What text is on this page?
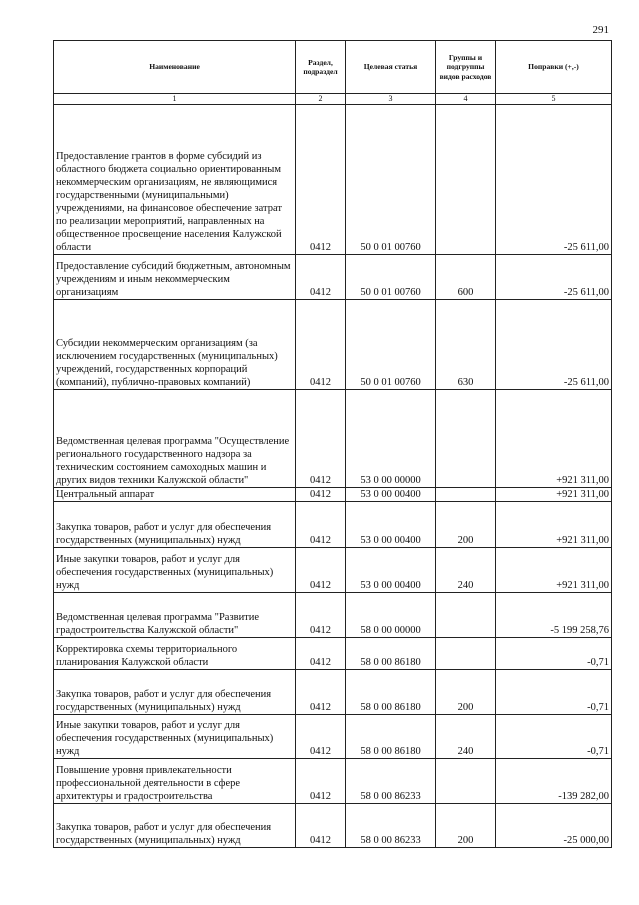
291
Наименование	Раздел, подраздел	Целевая статья	Группы и подгруппы видов расходов	Поправки (+,-)
1	2	3	4	5
Предоставление грантов в форме субсидий из областного бюджета социально ориентированным некоммерческим организациям, не являющимися государственными (муниципальными) учреждениями, на финансовое обеспечение затрат по реализации мероприятий, направленных на общественное просвещение населения Калужской области	0412	50 0 01 00760		-25 611,00
Предоставление субсидий бюджетным, автономным учреждениям и иным некоммерческим организациям	0412	50 0 01 00760	600	-25 611,00
Субсидии некоммерческим организациям (за исключением государственных (муниципальных) учреждений, государственных корпораций (компаний), публично-правовых компаний)	0412	50 0 01 00760	630	-25 611,00
Ведомственная целевая программа "Осуществление регионального государственного надзора за техническим состоянием самоходных машин и других видов техники Калужской области"	0412	53 0 00 00000		+921 311,00
Центральный аппарат	0412	53 0 00 00400		+921 311,00
Закупка товаров, работ и услуг для обеспечения государственных (муниципальных) нужд	0412	53 0 00 00400	200	+921 311,00
Иные закупки товаров, работ и услуг для обеспечения государственных (муниципальных) нужд	0412	53 0 00 00400	240	+921 311,00
Ведомственная целевая программа "Развитие градостроительства Калужской области"	0412	58 0 00 00000		-5 199 258,76
Корректировка схемы территориального планирования Калужской области	0412	58 0 00 86180		-0,71
Закупка товаров, работ и услуг для обеспечения государственных (муниципальных) нужд	0412	58 0 00 86180	200	-0,71
Иные закупки товаров, работ и услуг для обеспечения государственных (муниципальных) нужд	0412	58 0 00 86180	240	-0,71
Повышение уровня привлекательности профессиональной деятельности в сфере архитектуры и градостроительства	0412	58 0 00 86233		-139 282,00
Закупка товаров, работ и услуг для обеспечения государственных (муниципальных) нужд	0412	58 0 00 86233	200	-25 000,00
